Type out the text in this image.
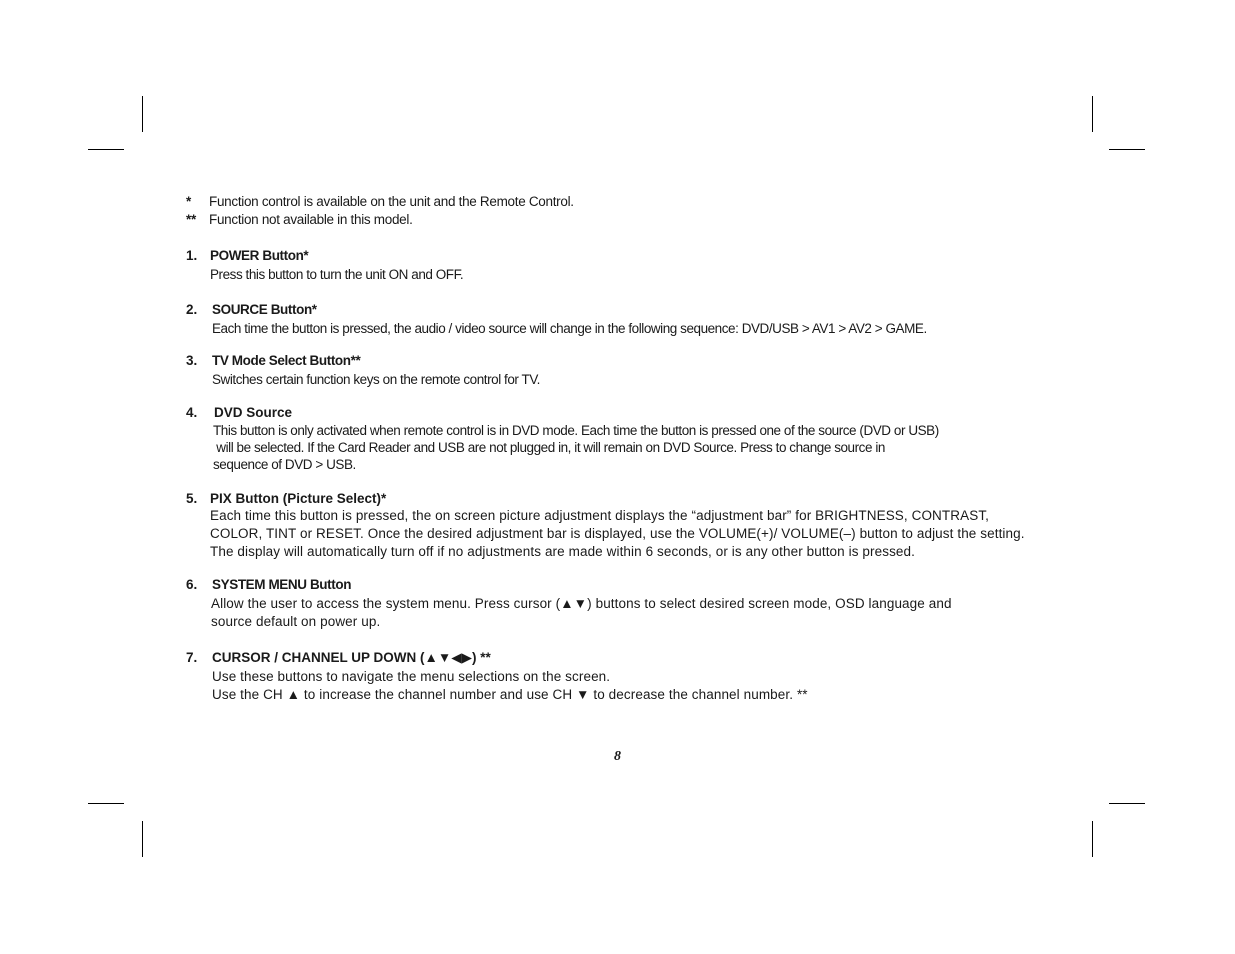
* Function control is available on the unit and the Remote Control.
** Function not available in this model.
1. POWER Button*
Press this button to turn the unit ON and OFF.
2. SOURCE Button*
Each time the button is pressed, the audio / video source will change in the following sequence: DVD/USB > AV1 > AV2 > GAME.
3. TV Mode Select Button**
Switches certain function keys on the remote control for TV.
4. DVD Source
This button is only activated when remote control is in DVD mode. Each time the button is pressed one of the source (DVD or USB)
will be selected. If the Card Reader and USB are not plugged in, it will remain on DVD Source. Press to change source in
sequence of DVD > USB.
5. PIX Button (Picture Select)*
Each time this button is pressed, the on screen picture adjustment displays the “adjustment bar” for BRIGHTNESS, CONTRAST,
COLOR, TINT or RESET. Once the desired adjustment bar is displayed, use the VOLUME(+)/ VOLUME(–) button to adjust the setting.
The display will automatically turn off if no adjustments are made within 6 seconds, or is any other button is pressed.
6. SYSTEM MENU Button
Allow the user to access the system menu. Press cursor (▲▼) buttons to select desired screen mode, OSD language and
source default on power up.
7. CURSOR / CHANNEL UP DOWN (▲▼◀▶) **
Use these buttons to navigate the menu selections on the screen.
Use the CH ▲ to increase the channel number and use CH ▼ to decrease the channel number. **
8
